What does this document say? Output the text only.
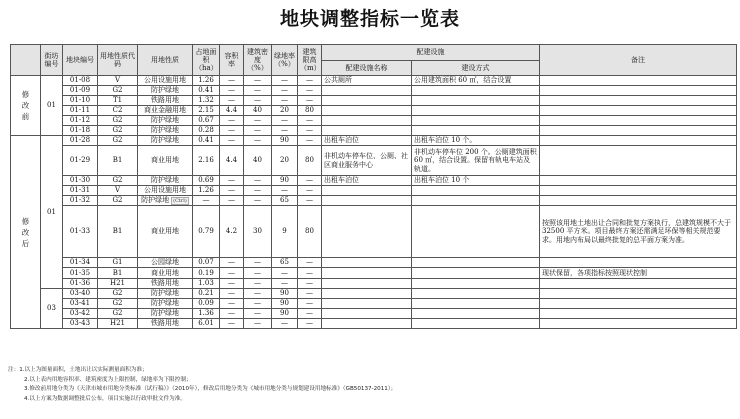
地块调整指标一览表
	街坊编号	地块编号	用地性质代码	用地性质	占地面积（ha）	容积率	建筑密度（%）	绿地率（%）	建筑限高（m）	配建设施		备注
										配建设施名称	建设方式	
修改前	01	01-08	V	公用设施用地	1.26	—	—	—	—	公共厕所	公用建筑面积 60 ㎡，结合设置	
		01-09	G2	防护绿地	0.41	—	—	—	—			
		01-10	T1	铁路用地	1.32	—	—	—	—			
		01-11	C2	商业金融用地	2.15	4.4	40	20	80			
		01-12	G2	防护绿地	0.67	—	—	—	—			
		01-18	G2	防护绿地	0.28	—	—	—	—			
修改后	01	01-28	G2	防护绿地	0.41	—	—	90	—	出租车泊位	出租车泊位 10 个。	
		01-29	B1	商业用地	2.16	4.4	40	20	80	非机动车停车位、公厕、社区商业服务中心	非机动车停车位 200 个。公厕建筑面积 60 ㎡，结合设置。保留有轨电车站及轨道。	
		01-30	G2	防护绿地	0.69	—	—	90	—	出租车泊位	出租车泊位 10 个	
		01-31	V	公用设施用地	1.26	—	—	—	—			
		01-32	G2	防护绿地 (Ctrl)	—	—	—	65	—			
		01-33	B1	商业用地	0.79	4.2	30	9	80			按照该用地土地出让合同和批复方案执行，总建筑规模不大于 32500 平方米。项目最终方案还需满足环保等相关规范要求。用地内布局以最终批复的总平面方案为准。
		01-34	G1	公园绿地	0.07	—	—	65	—			
		01-35	B1	商业用地	0.19	—	—	—	—			现状保留，各项指标按照现状控制
		01-36	H21	铁路用地	1.03	—	—	—	—			
	03	03-40	G2	防护绿地	0.21	—	—	90	—			
		03-41	G2	防护绿地	0.09	—	—	90	—			
		03-42	G2	防护绿地	1.36	—	—	90	—			
		03-43	H21	铁路用地	6.01	—	—	—	—			
注：1.以上为图量面积，土地出让以实际测量面积为准；
2.以上表内用地容积率、建筑密度为上限控制，绿地率为下限控制；
3.修改前用地分类为《天津市城市用地分类标准（试行稿）》（2010年），修改后用地分类为《城市用地分类与规划建设用地标准》（GB50137-2011）；
4.以上方案为数据调整批后公布，项目实施以行政审批文件为准。
